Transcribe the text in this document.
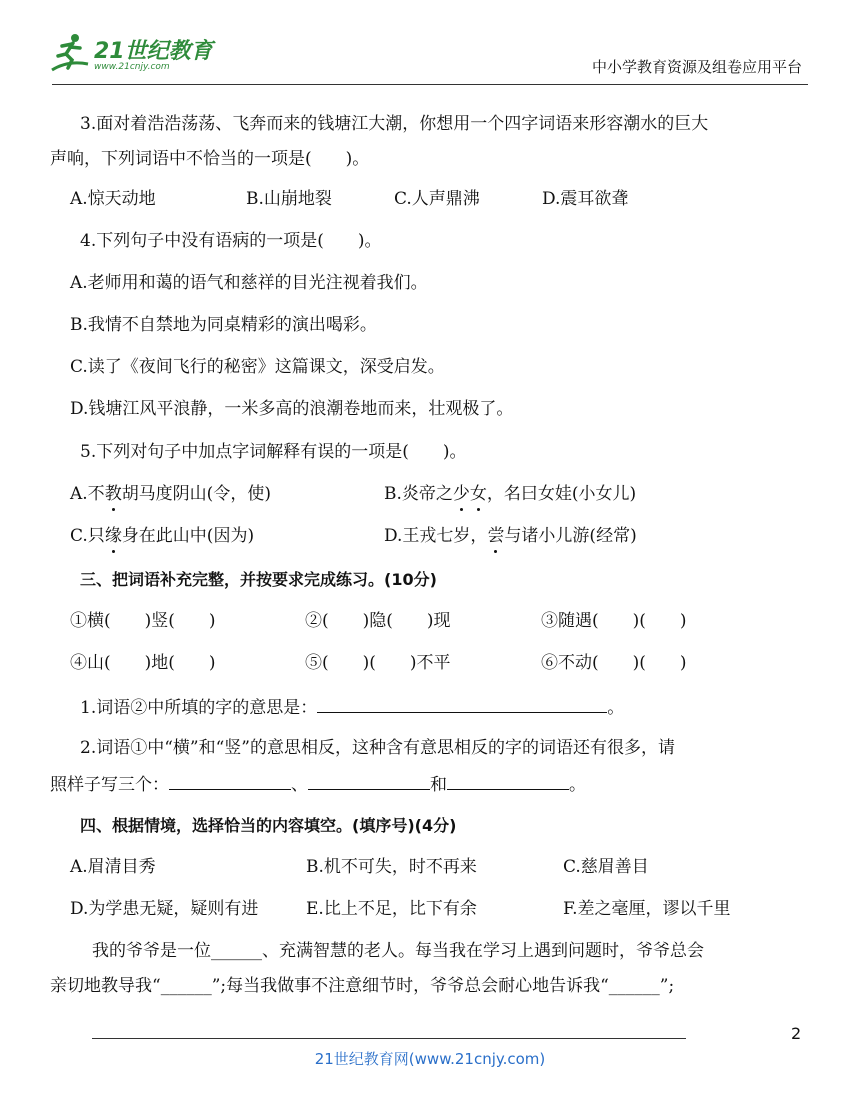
21世纪教育
www.21cnjy.com	中小学教育资源及组卷应用平台
3.面对着浩浩荡荡、飞奔而来的钱塘江大潮，你想用一个四字词语来形容潮水的巨大
声响，下列词语中不恰当的一项是(　　)。
A.惊天动地	B.山崩地裂	C.人声鼎沸	D.震耳欲聋
4.下列句子中没有语病的一项是(　　)。
A.老师用和蔼的语气和慈祥的目光注视着我们。
B.我情不自禁地为同桌精彩的演出喝彩。
C.读了《夜间飞行的秘密》这篇课文，深受启发。
D.钱塘江风平浪静，一米多高的浪潮卷地而来，壮观极了。
5.下列对句子中加点字词解释有误的一项是(　　)。
A.不教胡马度阴山(令，使)	B.炎帝之少女，名曰女娃(小女儿)
C.只缘身在此山中(因为)	D.王戎七岁，尝与诸小儿游(经常)
三、把词语补充完整，并按要求完成练习。(10分)
①横(　　)竖(　　)	②(　　)隐(　　)现	③随遇(　　)(　　)
④山(　　)地(　　)	⑤(　　)(　　)不平	⑥不动(　　)(　　)
1.词语②中所填的字的意思是：	。
2.词语①中“横”和“竖”的意思相反，这种含有意思相反的字的词语还有很多，请
照样子写三个：	、	和	。
四、根据情境，选择恰当的内容填空。(填序号)(4分)
A.眉清目秀	B.机不可失，时不再来	C.慈眉善目
D.为学患无疑，疑则有进	E.比上不足，比下有余	F.差之毫厘，谬以千里
我的爷爷是一位______、充满智慧的老人。每当我在学习上遇到问题时，爷爷总会
亲切地教导我“______”;每当我做事不注意细节时，爷爷总会耐心地告诉我“______”;
2
21世纪教育网(www.21cnjy.com)
